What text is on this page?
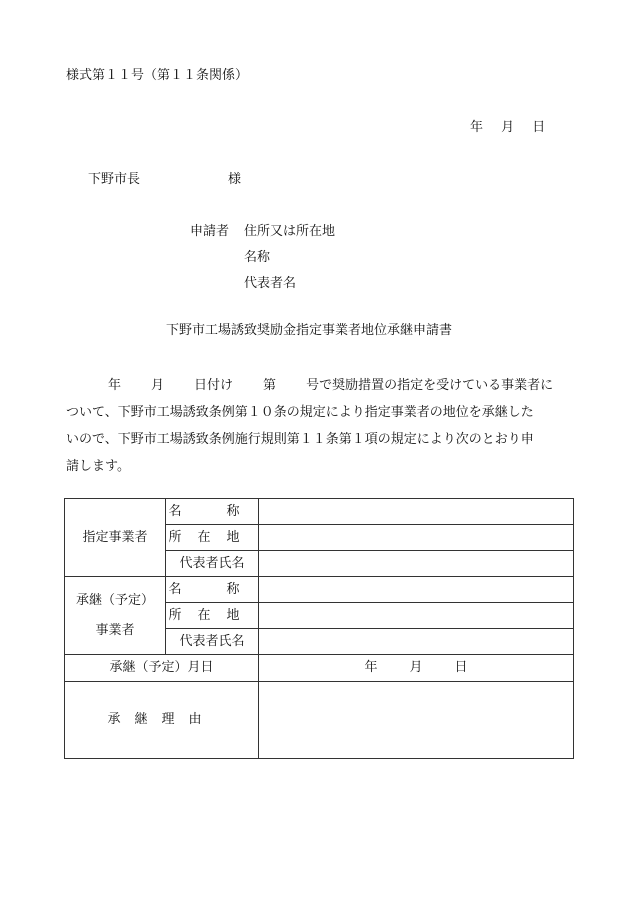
様式第１１号（第１１条関係）
年 月 日
下野市長	様
申請者 住所又は所在地
名称
代表者名
下野市工場誘致奨励金指定事業者地位承継申請書

年 月 日付け 第 号で奨励措置の指定を受けている事業者に

ついて、下野市工場誘致条例第１０条の規定により指定事業者の地位を承継した

いので、下野市工場誘致条例施行規則第１１条第１項の規定により次のとおり申

請します。

指定事業者	名　称	
	所在地	
	代表者氏名	

承継（予定）
事業者	名　称	
	所在地	
	代表者氏名	
承継（予定）月日		年 月 日
承継理由		
